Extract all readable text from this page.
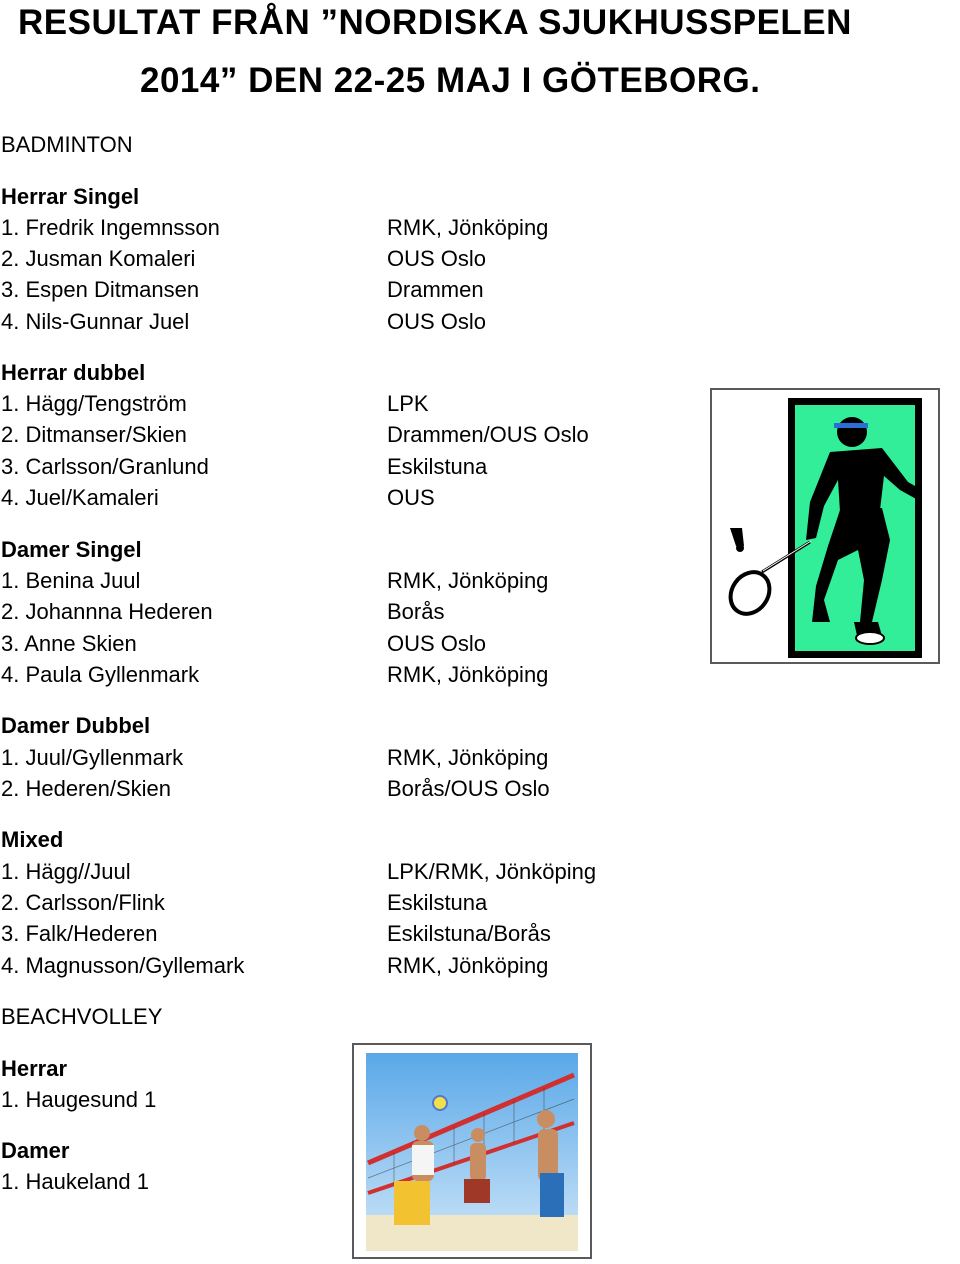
RESULTAT FRÅN ”NORDISKA SJUKHUSSPELEN
2014” DEN 22-25 MAJ I GÖTEBORG.
BADMINTON
Herrar Singel
1. Fredrik Ingemnsson	RMK, Jönköping
2. Jusman Komaleri	OUS Oslo
3. Espen Ditmansen	Drammen
4. Nils-Gunnar Juel	OUS Oslo
Herrar dubbel
1. Hägg/Tengström	LPK
2. Ditmanser/Skien	Drammen/OUS Oslo
3. Carlsson/Granlund	Eskilstuna
4. Juel/Kamaleri	OUS
Damer Singel
1. Benina Juul	RMK, Jönköping
2. Johannna Hederen	Borås
3. Anne Skien	OUS Oslo
4. Paula Gyllenmark	RMK, Jönköping
Damer Dubbel
1. Juul/Gyllenmark	RMK, Jönköping
2. Hederen/Skien	Borås/OUS Oslo
Mixed
1. Hägg//Juul	LPK/RMK, Jönköping
2. Carlsson/Flink	Eskilstuna
3. Falk/Hederen	Eskilstuna/Borås
4. Magnusson/Gyllemark	RMK, Jönköping
BEACHVOLLEY
Herrar
1. Haugesund 1
Damer
1. Haukeland 1
